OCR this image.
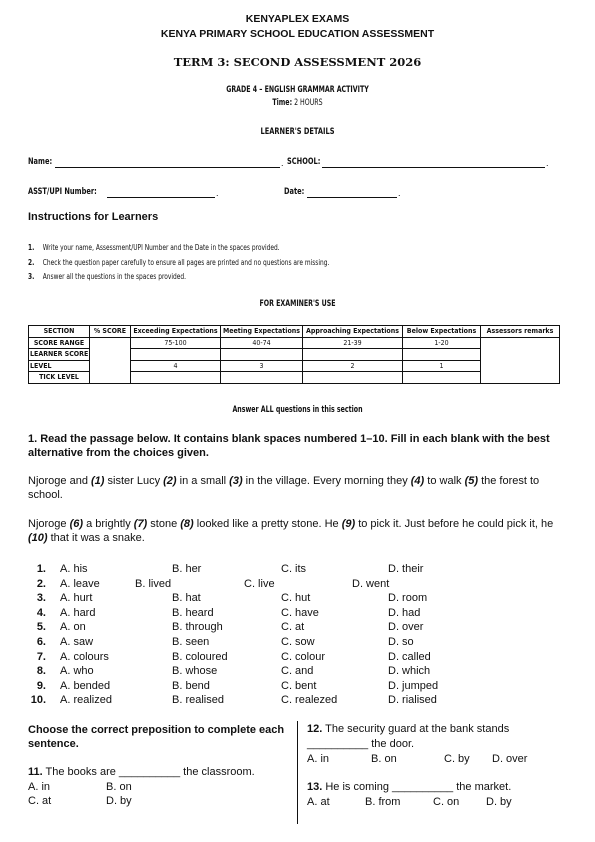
KENYAPLEX EXAMS
KENYA PRIMARY SCHOOL EDUCATION ASSESSMENT
TERM 3: SECOND ASSESSMENT 2026
GRADE 4 – ENGLISH GRAMMAR ACTIVITY
Time: 2 HOURS
LEARNER'S DETAILS
Name:	. SCHOOL:	.
ASST/UPI Number:	.	Date:	.
Instructions for Learners
1. Write your name, Assessment/UPI Number and the Date in the spaces provided.
2. Check the question paper carefully to ensure all pages are printed and no questions are missing.
3. Answer all the questions in the spaces provided.
FOR EXAMINER'S USE
SECTION	% SCORE	Exceeding Expectations	Meeting Expectations	Approaching Expectations	Below Expectations	Assessors remarks
SCORE RANGE		75-100	40-74	21-39	1-20	
LEARNER SCORE						
LEVEL		4	3	2	1	
TICK LEVEL						
Answer ALL questions in this section
1. Read the passage below. It contains blank spaces numbered 1–10. Fill in each blank with the best alternative from the choices given.
Njoroge and (1) sister Lucy (2) in a small (3) in the village. Every morning they (4) to walk (5) the forest to school.
Njoroge (6) a brightly (7) stone (8) looked like a pretty stone. He (9) to pick it. Just before he could pick it, he (10) that it was a snake.
1. A. his	B. her	C. its	D. their
2. A. leave	B. lived	C. live	D. went
3. A. hurt	B. hat	C. hut	D. room
4. A. hard	B. heard	C. have	D. had
5. A. on	B. through	C. at	D. over
6. A. saw	B. seen	C. sow	D. so
7. A. colours	B. coloured	C. colour	D. called
8. A. who	B. whose	C. and	D. which
9. A. bended	B. bend	C. bent	D. jumped
10. A. realized	B. realised	C. realezed	D. rialised
Choose the correct preposition to complete each sentence.
11. The books are __________ the classroom.
A. in	B. on
C. at	D. by
12. The security guard at the bank stands
__________ the door.
A. in	B. on	C. by D. over
13. He is coming __________ the market.
A. at	B. from	C. on D. by
